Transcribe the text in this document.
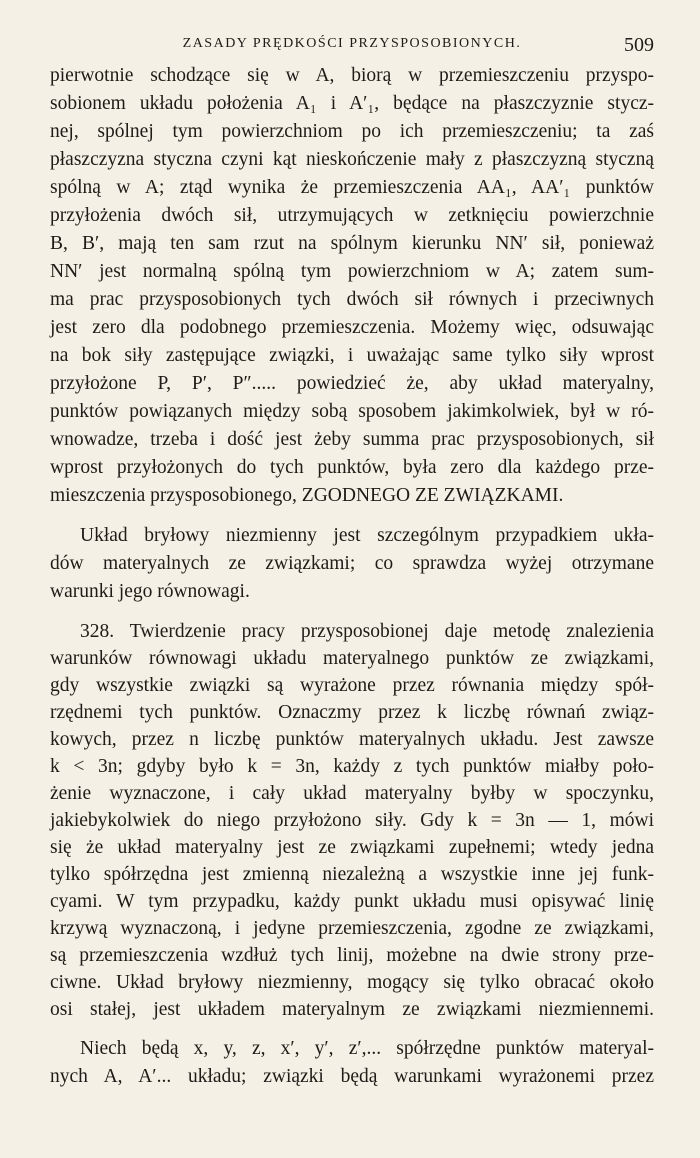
ZASADY PRĘDKOŚCI PRZYSPOSOBIONYCH.	509
pierwotnie schodzące się w A, biorą w przemieszczeniu przyspo-
sobionem układu położenia A₁ i A′₁, będące na płaszczyznie stycz-
nej, spólnej tym powierzchniom po ich przemieszczeniu; ta zaś
płaszczyzna styczna czyni kąt nieskończenie mały z płaszczyzną styczną
spólną w A; ztąd wynika że przemieszczenia AA₁, AA′₁ punktów
przyłożenia dwóch sił, utrzymujących w zetknięciu powierzchnie
B, B′, mają ten sam rzut na spólnym kierunku NN′ sił, ponieważ
NN′ jest normalną spólną tym powierzchniom w A; zatem sum-
ma prac przysposobionych tych dwóch sił równych i przeciwnych
jest zero dla podobnego przemieszczenia. Możemy więc, odsuwając
na bok siły zastępujące związki, i uważając same tylko siły wprost
przyłożone P, P′, P″..... powiedzieć że, aby układ materyalny,
punktów powiązanych między sobą sposobem jakimkolwiek, był w ró-
wnowadze, trzeba i dość jest żeby summa prac przysposobionych, sił
wprost przyłożonych do tych punktów, była zero dla każdego prze-
mieszczenia przysposobionego, ZGODNEGO ZE ZWIĄZKAMI.
Układ bryłowy niezmienny jest szczególnym przypadkiem ukła-
dów materyalnych ze związkami; co sprawdza wyżej otrzymane
warunki jego równowagi.
328. Twierdzenie pracy przysposobionej daje metodę znalezienia
warunków równowagi układu materyalnego punktów ze związkami,
gdy wszystkie związki są wyrażone przez równania między spół-
rzędnemi tych punktów. Oznaczmy przez k liczbę równań związ-
kowych, przez n liczbę punktów materyalnych układu. Jest zawsze
k < 3n; gdyby było k = 3n, każdy z tych punktów miałby poło-
żenie wyznaczone, i cały układ materyalny byłby w spoczynku,
jakiebykolwiek do niego przyłożono siły. Gdy k = 3n — 1, mówi
się że układ materyalny jest ze związkami zupełnemi; wtedy jedna
tylko spółrzędna jest zmienną niezależną a wszystkie inne jej funk-
cyami. W tym przypadku, każdy punkt układu musi opisywać linię
krzywą wyznaczoną, i jedyne przemieszczenia, zgodne ze związkami,
są przemieszczenia wzdłuż tych linij, możebne na dwie strony prze-
ciwne. Układ bryłowy niezmienny, mogący się tylko obracać około
osi stałej, jest układem materyalnym ze związkami niezmiennemi.
Niech będą x, y, z, x′, y′, z′,... spółrzędne punktów materyal-
nych A, A′... układu; związki będą warunkami wyrażonemi przez
